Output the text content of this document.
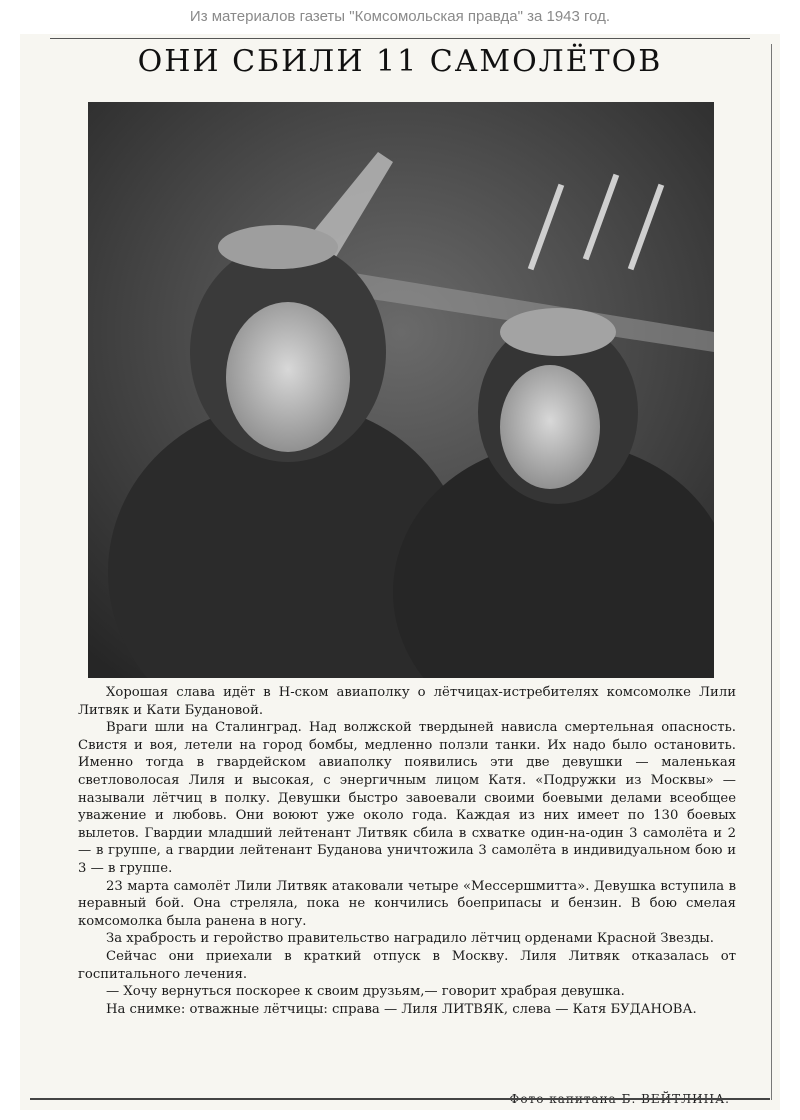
Из материалов газеты "Комсомольская правда" за 1943 год.
ОНИ СБИЛИ 11 САМОЛЁТОВ

Хорошая слава идёт в Н-ском авиаполку о лётчицах-истребителях комсомолке Лили Литвяк и Кати Будановой.

Враги шли на Сталинград. Над волжской твердыней нависла смертельная опасность. Свистя и воя, летели на город бомбы, медленно ползли танки. Их надо было остановить. Именно тогда в гвардейском авиаполку появились эти две девушки — маленькая светловолосая Лиля и высокая, с энергичным лицом Катя. «Подружки из Москвы» — называли лётчиц в полку. Девушки быстро завоевали своими боевыми делами всеобщее уважение и любовь. Они воюют уже около года. Каждая из них имеет по 130 боевых вылетов. Гвардии младший лейтенант Литвяк сбила в схватке один-на-один 3 самолёта и 2 — в группе, а гвардии лейтенант Буданова уничтожила 3 самолёта в индивидуальном бою и 3 — в группе.

23 марта самолёт Лили Литвяк атаковали четыре «Мессершмитта». Девушка вступила в неравный бой. Она стреляла, пока не кончились боеприпасы и бензин. В бою смелая комсомолка была ранена в ногу.

За храбрость и геройство правительство наградило лётчиц орденами Красной Звезды.

Сейчас они приехали в краткий отпуск в Москву. Лиля Литвяк отказалась от госпитального лечения.

— Хочу вернуться поскорее к своим друзьям,— говорит храбрая девушка.

На снимке: отважные лётчицы: справа — Лиля ЛИТВЯК, слева — Катя БУДАНОВА.

Фото капитана Б. ВЕЙТЛИНА.
